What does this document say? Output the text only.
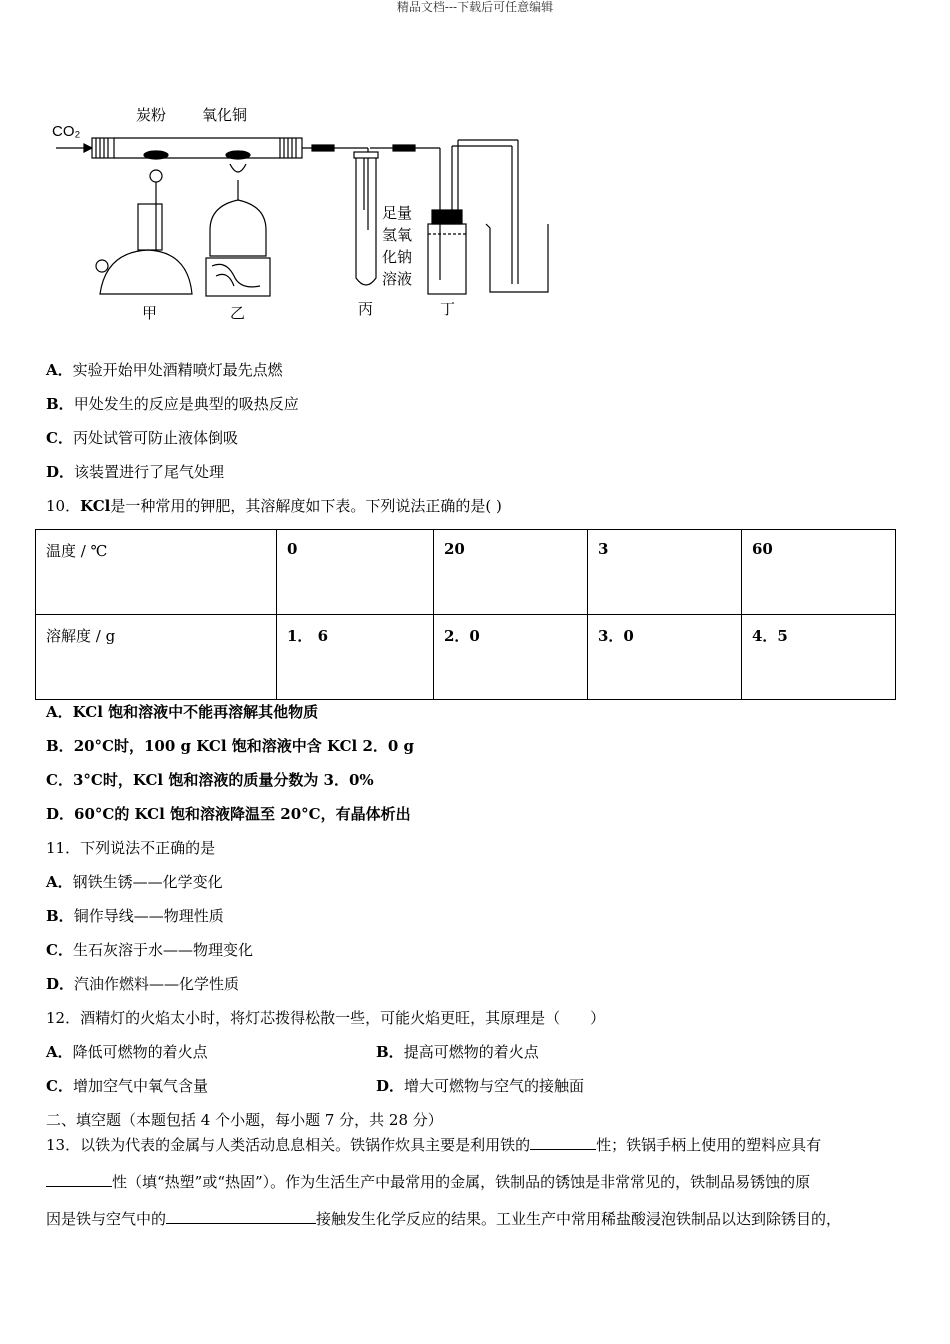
精品文档---下载后可任意编辑
CO₂
炭粉 氧化铜
足量
氢氧
化钠
溶液
甲	乙	丙	丁
A．实验开始甲处酒精喷灯最先点燃
B．甲处发生的反应是典型的吸热反应
C．丙处试管可防止液体倒吸
D．该装置进行了尾气处理
10．KCl是一种常用的钾肥，其溶解度如下表。下列说法正确的是( )
温度 / ℃	0	20	3	60
溶解度 / g	1． 6	2．0	3．0	4．5
A．KCl 饱和溶液中不能再溶解其他物质
B．20°C时，100 g KCl 饱和溶液中含 KCl 2．0 g
C．3°C时，KCl 饱和溶液的质量分数为 3．0%
D．60°C的 KCl 饱和溶液降温至 20°C，有晶体析出
11．下列说法不正确的是
A．钢铁生锈——化学变化
B．铜作导线——物理性质
C．生石灰溶于水——物理变化
D．汽油作燃料——化学性质
12．酒精灯的火焰太小时，将灯芯拨得松散一些，可能火焰更旺，其原理是（　　）
A．降低可燃物的着火点	B．提高可燃物的着火点
C．增加空气中氧气含量	D．增大可燃物与空气的接触面
二、填空题（本题包括 4 个小题，每小题 7 分，共 28 分）
13．以铁为代表的金属与人类活动息息相关。铁锅作炊具主要是利用铁的	性；铁锅手柄上使用的塑料应具有
性（填“热塑”或“热固”）。作为生活生产中最常用的金属，铁制品的锈蚀是非常常见的，铁制品易锈蚀的原
因是铁与空气中的	接触发生化学反应的结果。工业生产中常用稀盐酸浸泡铁制品以达到除锈目的，
